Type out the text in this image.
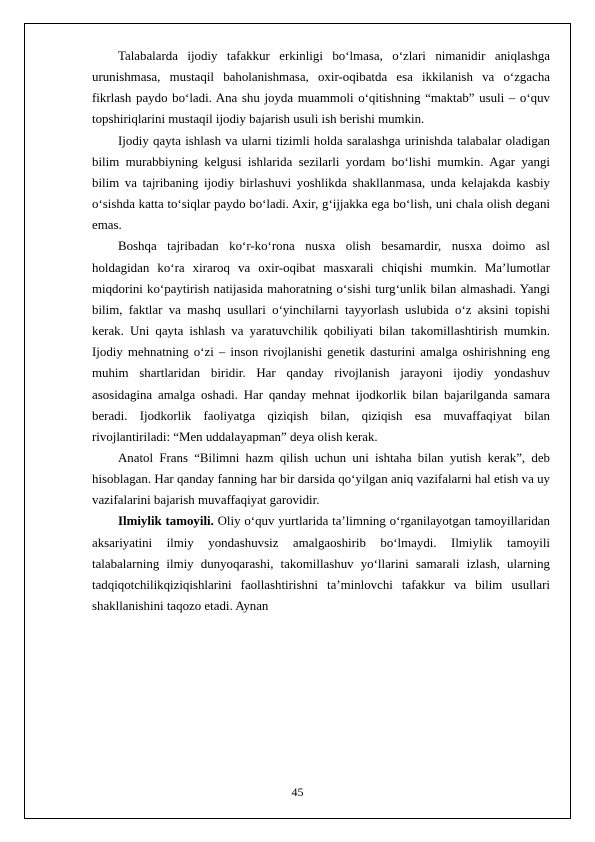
Talabalarda ijodiy tafakkur erkinligi bo‘lmasa, o‘zlari nimanidir aniqlashga urunishmasa, mustaqil baholanishmasa, oxir-oqibatda esa ikkilanish va o‘zgacha fikrlash paydo bo‘ladi. Ana shu joyda muammoli o‘qitishning “maktab” usuli – o‘quv topshiriqlarini mustaqil ijodiy bajarish usuli ish berishi mumkin.

Ijodiy qayta ishlash va ularni tizimli holda saralashga urinishda talabalar oladigan bilim murabbiyning kelgusi ishlarida sezilarli yordam bo‘lishi mumkin. Agar yangi bilim va tajribaning ijodiy birlashuvi yoshlikda shakllanmasa, unda kelajakda kasbiy o‘sishda katta to‘siqlar paydo bo‘ladi. Axir, g‘ijjakka ega bo‘lish, uni chala olish degani emas.

Boshqa tajribadan ko‘r-ko‘rona nusxa olish besamardir, nusxa doimo asl holdagidan ko‘ra xiraroq va oxir-oqibat masxarali chiqishi mumkin. Ma’lumotlar miqdorini ko‘paytirish natijasida mahoratning o‘sishi turg‘unlik bilan almashadi. Yangi bilim, faktlar va mashq usullari o‘yinchilarni tayyorlash uslubida o‘z aksini topishi kerak. Uni qayta ishlash va yaratuvchilik qobiliyati bilan takomillashtirish mumkin. Ijodiy mehnatning o‘zi – inson rivojlanishi genetik dasturini amalga oshirishning eng muhim shartlaridan biridir. Har qanday rivojlanish jarayoni ijodiy yondashuv asosidagina amalga oshadi. Har qanday mehnat ijodkorlik bilan bajarilganda samara beradi. Ijodkorlik faoliyatga qiziqish bilan, qiziqish esa muvaffaqiyat bilan rivojlantiriladi: “Men uddalayapman” deya olish kerak.

Anatol Frans “Bilimni hazm qilish uchun uni ishtaha bilan yutish kerak”, deb hisoblagan. Har qanday fanning har bir darsida qo‘yilgan aniq vazifalarni hal etish va uy vazifalarini bajarish muvaffaqiyat garovidir.

Ilmiylik tamoyili. Oliy o‘quv yurtlarida ta’limning o‘rganilayotgan tamoyillaridan aksariyatini ilmiy yondashuvsiz amalgaoshirib bo‘lmaydi. Ilmiylik tamoyili talabalarning ilmiy dunyoqarashi, takomillashuv yo‘llarini samarali izlash, ularning tadqiqotchilikqiziqishlarini faollashtirishni ta’minlovchi tafakkur va bilim usullari shakllanishini taqozo etadi. Aynan

45
